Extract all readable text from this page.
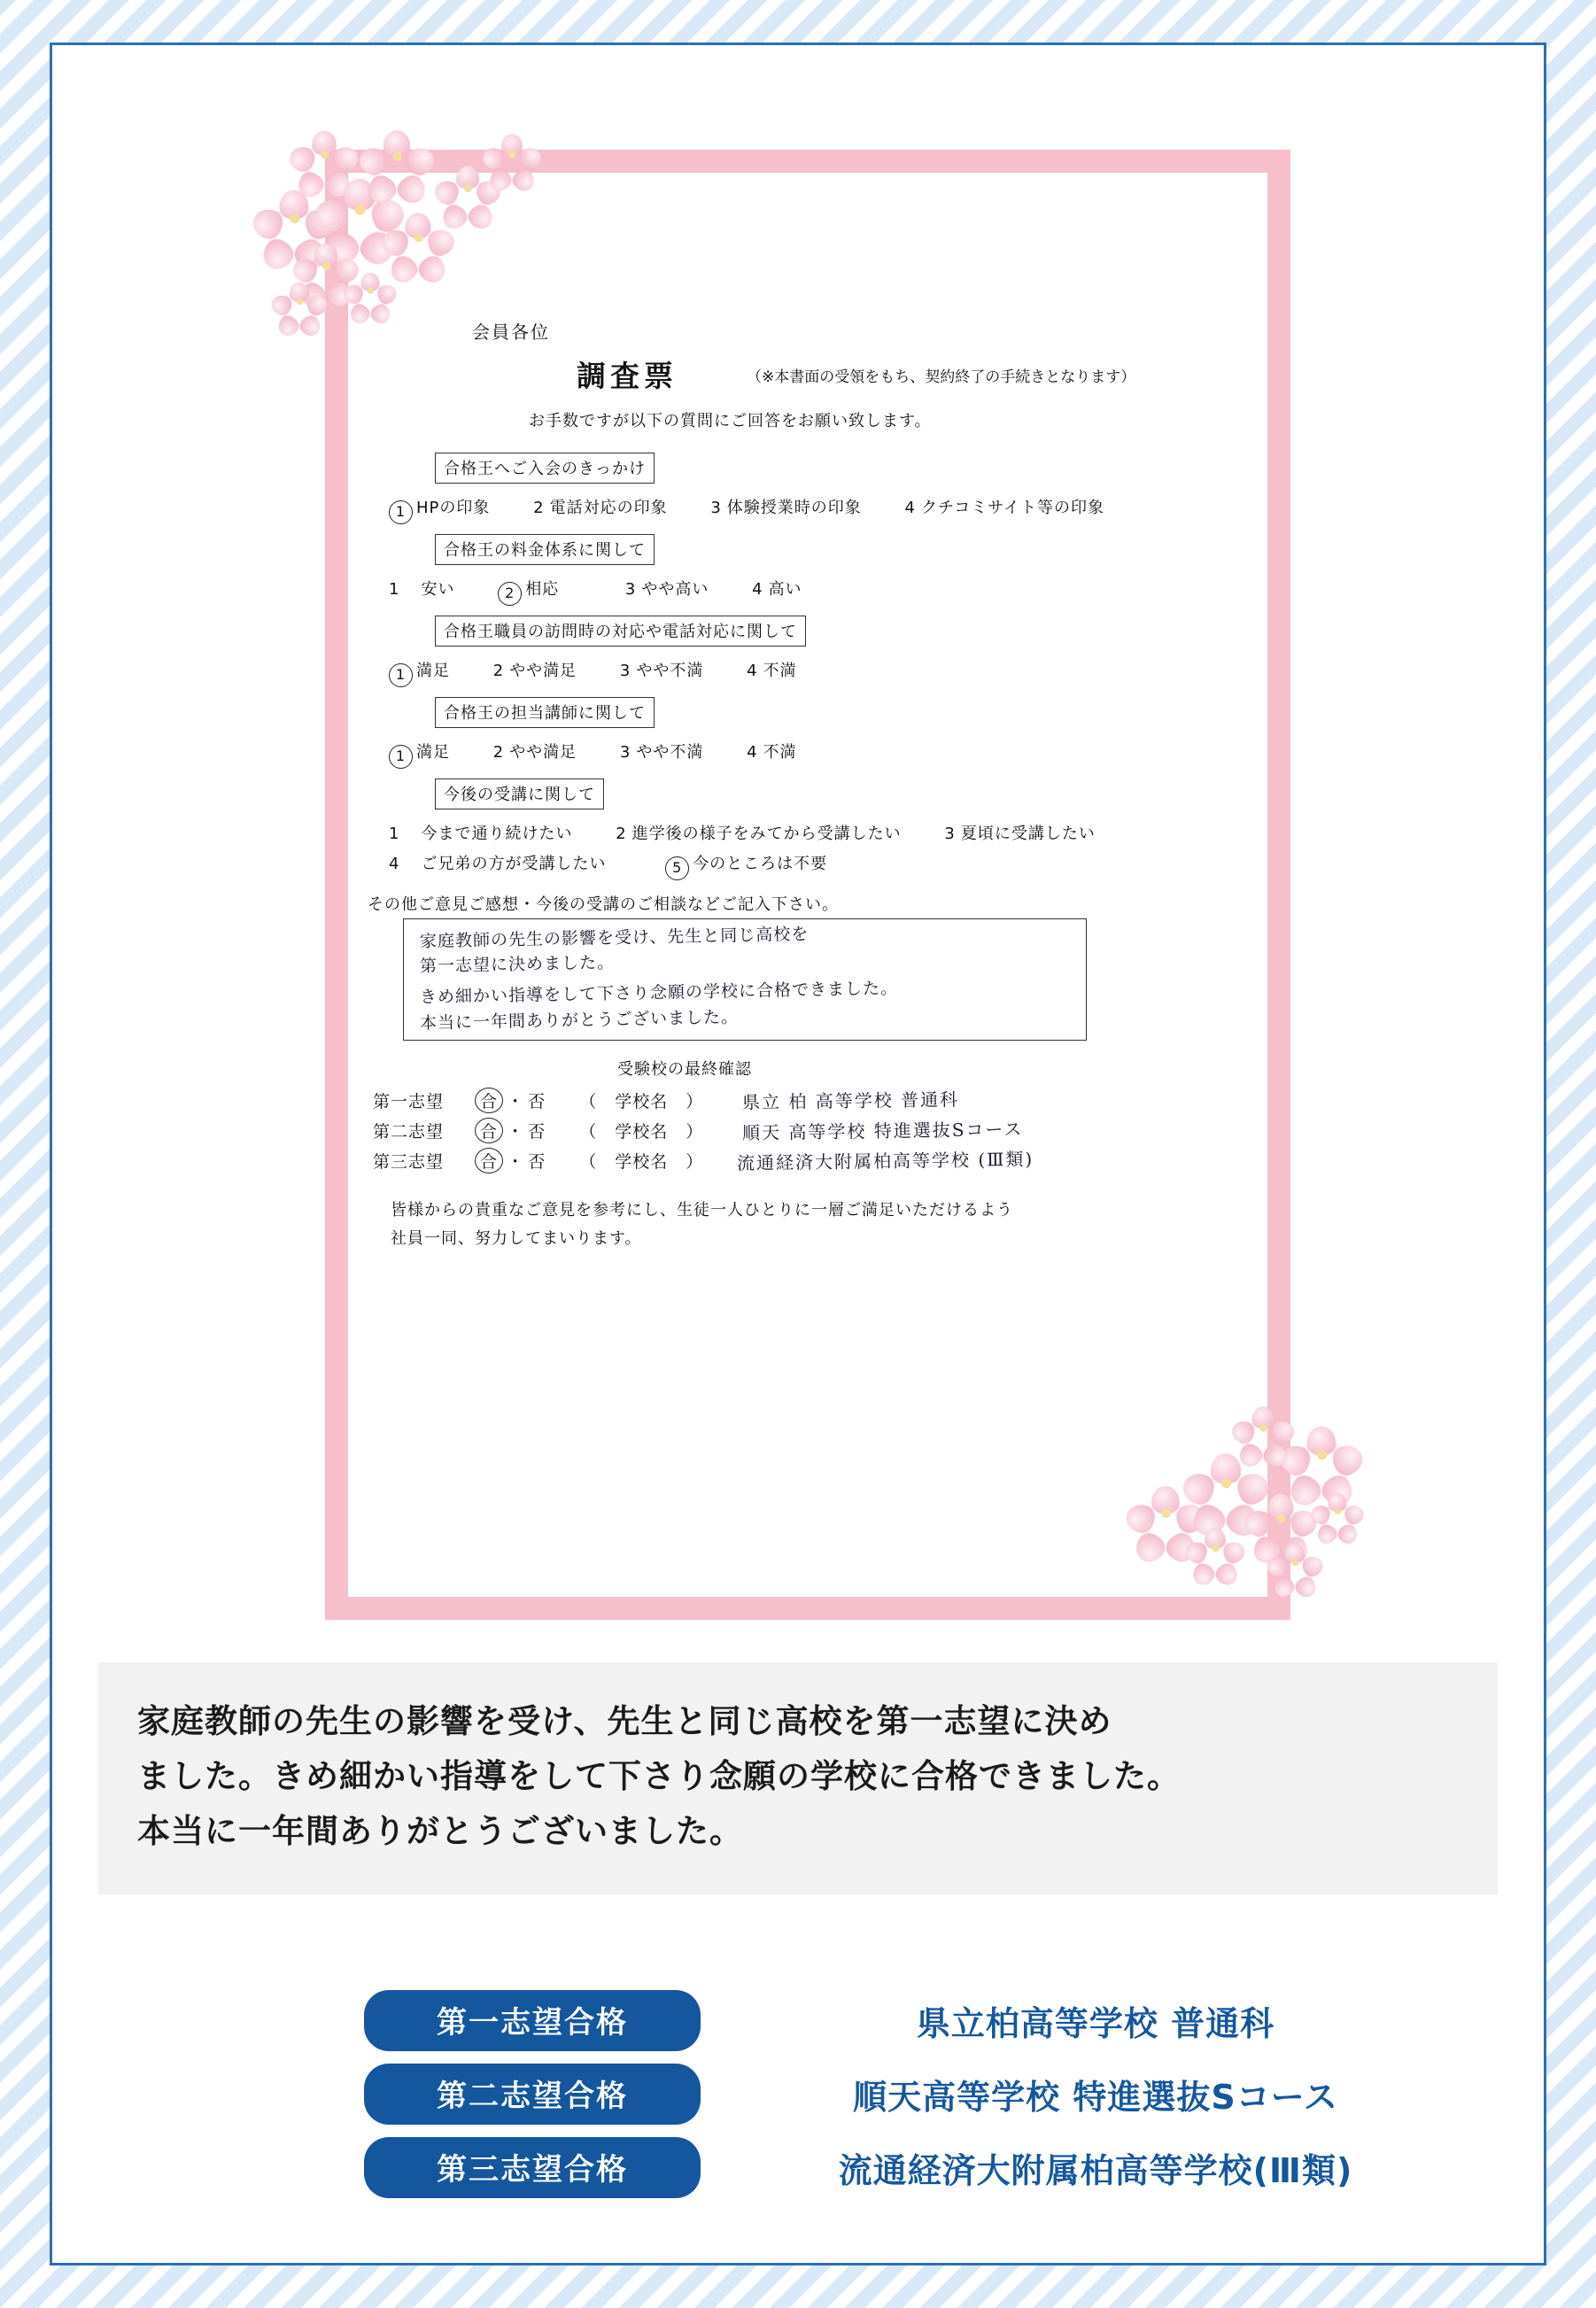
会員各位
調査票	（※本書面の受領をもち、契約終了の手続きとなります）
お手数ですが以下の質問にご回答をお願い致します。
合格王へご入会のきっかけ
1 HPの印象	2 電話対応の印象	3 体験授業時の印象	4 クチコミサイト等の印象
合格王の料金体系に関して
1 安い	2 相応	3 やや高い	4 高い
合格王職員の訪問時の対応や電話対応に関して
1 満足	2 やや満足	3 やや不満	4 不満
合格王の担当講師に関して
1 満足	2 やや満足	3 やや不満	4 不満
今後の受講に関して
1 今まで通り続けたい	2 進学後の様子をみてから受講したい	3 夏頃に受講したい
4 ご兄弟の方が受講したい	5 今のところは不要
その他ご意見ご感想・今後の受講のご相談などご記入下さい。
家庭教師の先生の影響を受け、先生と同じ高校を
第一志望に決めました。
きめ細かい指導をして下さり念願の学校に合格できました。
本当に一年間ありがとうございました。
受験校の最終確認
第一志望 合 ・ 否 （　学校名　） 県立 柏 高等学校 普通科
第二志望 合 ・ 否 （　学校名　） 順天 高等学校 特進選抜Sコース
第三志望 合 ・ 否 （　学校名　） 流通経済大附属柏高等学校 (Ⅲ類)
皆様からの貴重なご意見を参考にし、生徒一人ひとりに一層ご満足いただけるよう
社員一同、努力してまいります。

家庭教師の先生の影響を受け、先生と同じ高校を第一志望に決め

ました。きめ細かい指導をして下さり念願の学校に合格できました。

本当に一年間ありがとうございました。

第一志望合格	県立柏高等学校 普通科
第二志望合格	順天高等学校 特進選抜Sコース
第三志望合格	流通経済大附属柏高等学校(Ⅲ類)
